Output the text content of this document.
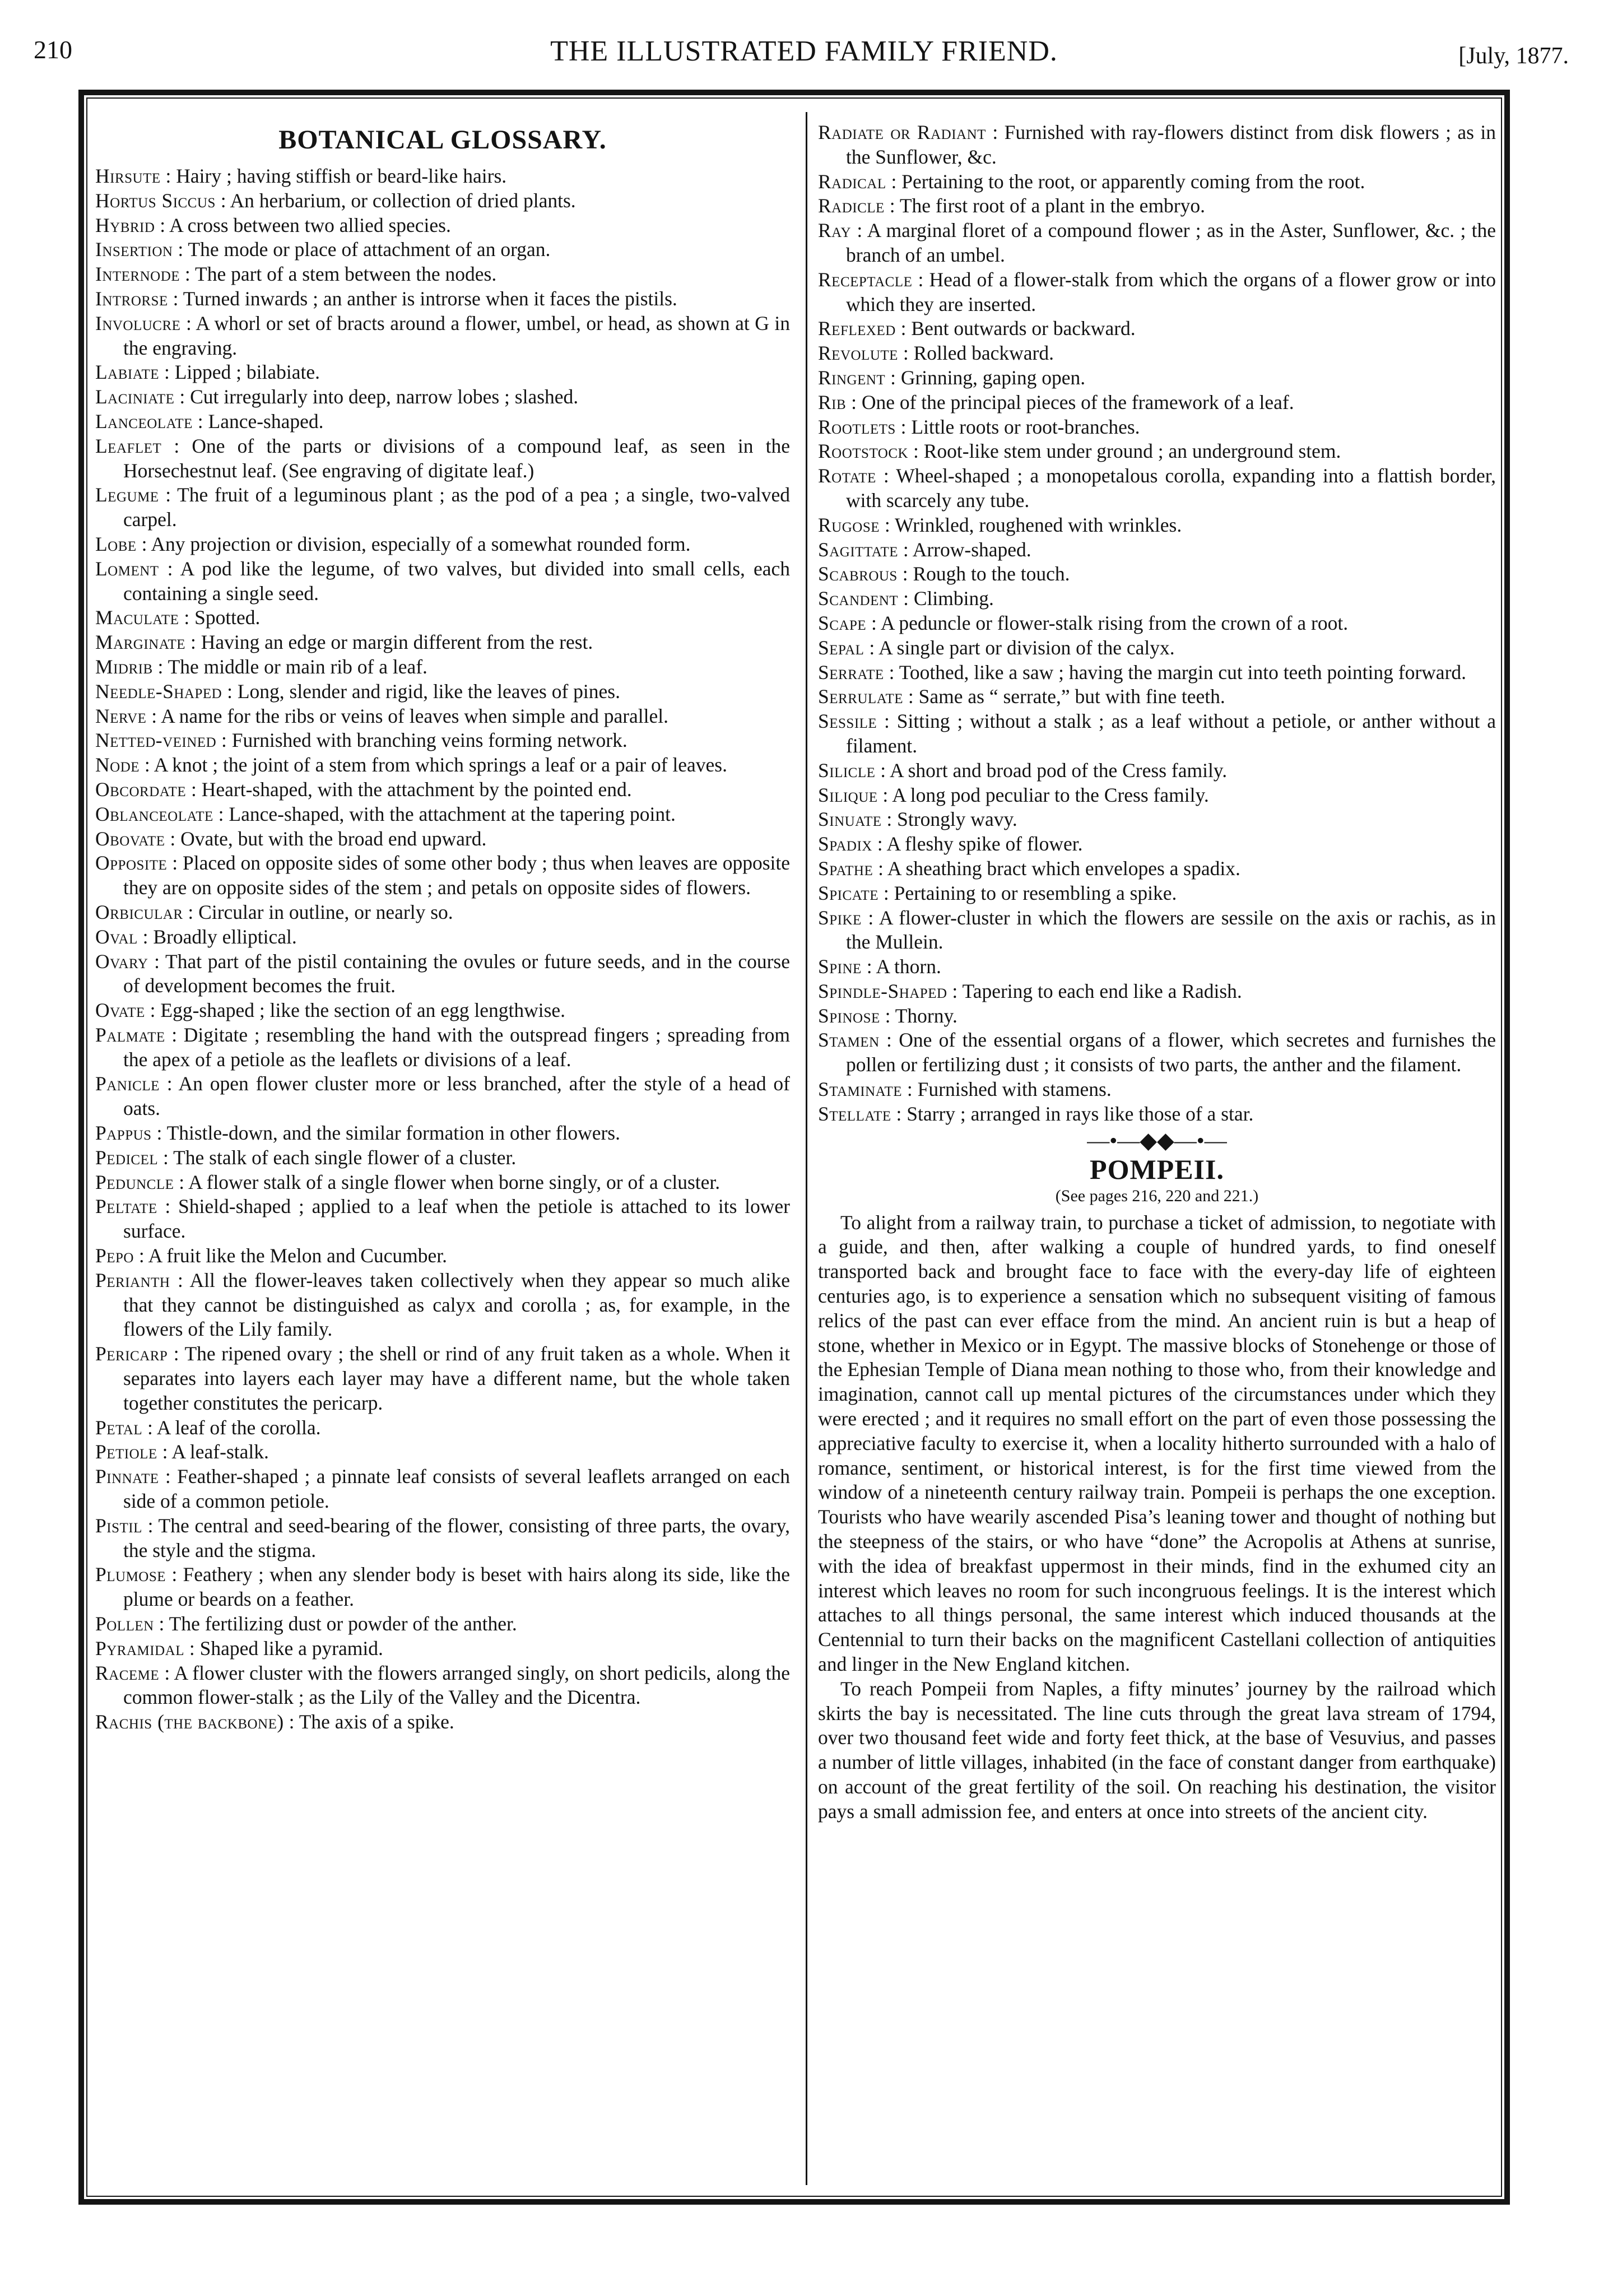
210	THE ILLUSTRATED FAMILY FRIEND.	[July, 1877.
BOTANICAL GLOSSARY.
Hirsute : Hairy ; having stiffish or beard-like hairs.
Hortus Siccus : An herbarium, or collection of dried plants.
Hybrid : A cross between two allied species.
Insertion : The mode or place of attachment of an organ.
Internode : The part of a stem between the nodes.
Introrse : Turned inwards ; an anther is introrse when it faces the pistils.
Involucre : A whorl or set of bracts around a flower, umbel, or head, as shown at G in the engraving.
Labiate : Lipped ; bilabiate.
Laciniate : Cut irregularly into deep, narrow lobes ; slashed.
Lanceolate : Lance-shaped.
Leaflet : One of the parts or divisions of a compound leaf, as seen in the Horsechestnut leaf. (See engraving of digitate leaf.)
Legume : The fruit of a leguminous plant ; as the pod of a pea ; a single, two-valved carpel.
Lobe : Any projection or division, especially of a somewhat rounded form.
Loment : A pod like the legume, of two valves, but divided into small cells, each containing a single seed.
Maculate : Spotted.
Marginate : Having an edge or margin different from the rest.
Midrib : The middle or main rib of a leaf.
Needle-Shaped : Long, slender and rigid, like the leaves of pines.
Nerve : A name for the ribs or veins of leaves when simple and parallel.
Netted-veined : Furnished with branching veins forming network.
Node : A knot ; the joint of a stem from which springs a leaf or a pair of leaves.
Obcordate : Heart-shaped, with the attachment by the pointed end.
Oblanceolate : Lance-shaped, with the attachment at the tapering point.
Obovate : Ovate, but with the broad end upward.
Opposite : Placed on opposite sides of some other body ; thus when leaves are opposite they are on opposite sides of the stem ; and petals on opposite sides of flowers.
Orbicular : Circular in outline, or nearly so.
Oval : Broadly elliptical.
Ovary : That part of the pistil containing the ovules or future seeds, and in the course of development becomes the fruit.
Ovate : Egg-shaped ; like the section of an egg lengthwise.
Palmate : Digitate ; resembling the hand with the outspread fingers ; spreading from the apex of a petiole as the leaflets or divisions of a leaf.
Panicle : An open flower cluster more or less branched, after the style of a head of oats.
Pappus : Thistle-down, and the similar formation in other flowers.
Pedicel : The stalk of each single flower of a cluster.
Peduncle : A flower stalk of a single flower when borne singly, or of a cluster.
Peltate : Shield-shaped ; applied to a leaf when the petiole is attached to its lower surface.
Pepo : A fruit like the Melon and Cucumber.
Perianth : All the flower-leaves taken collectively when they appear so much alike that they cannot be distinguished as calyx and corolla ; as, for example, in the flowers of the Lily family.
Pericarp : The ripened ovary ; the shell or rind of any fruit taken as a whole. When it separates into layers each layer may have a different name, but the whole taken together constitutes the pericarp.
Petal : A leaf of the corolla.
Petiole : A leaf-stalk.
Pinnate : Feather-shaped ; a pinnate leaf consists of several leaflets arranged on each side of a common petiole.
Pistil : The central and seed-bearing of the flower, consisting of three parts, the ovary, the style and the stigma.
Plumose : Feathery ; when any slender body is beset with hairs along its side, like the plume or beards on a feather.
Pollen : The fertilizing dust or powder of the anther.
Pyramidal : Shaped like a pyramid.
Raceme : A flower cluster with the flowers arranged singly, on short pedicils, along the common flower-stalk ; as the Lily of the Valley and the Dicentra.
Rachis (the backbone) : The axis of a spike.
Radiate or Radiant : Furnished with ray-flowers distinct from disk flowers ; as in the Sunflower, &c.
Radical : Pertaining to the root, or apparently coming from the root.
Radicle : The first root of a plant in the embryo.
Ray : A marginal floret of a compound flower ; as in the Aster, Sunflower, &c. ; the branch of an umbel.
Receptacle : Head of a flower-stalk from which the organs of a flower grow or into which they are inserted.
Reflexed : Bent outwards or backward.
Revolute : Rolled backward.
Ringent : Grinning, gaping open.
Rib : One of the principal pieces of the framework of a leaf.
Rootlets : Little roots or root-branches.
Rootstock : Root-like stem under ground ; an underground stem.
Rotate : Wheel-shaped ; a monopetalous corolla, expanding into a flattish border, with scarcely any tube.
Rugose : Wrinkled, roughened with wrinkles.
Sagittate : Arrow-shaped.
Scabrous : Rough to the touch.
Scandent : Climbing.
Scape : A peduncle or flower-stalk rising from the crown of a root.
Sepal : A single part or division of the calyx.
Serrate : Toothed, like a saw ; having the margin cut into teeth pointing forward.
Serrulate : Same as “ serrate,” but with fine teeth.
Sessile : Sitting ; without a stalk ; as a leaf without a petiole, or anther without a filament.
Silicle : A short and broad pod of the Cress family.
Silique : A long pod peculiar to the Cress family.
Sinuate : Strongly wavy.
Spadix : A fleshy spike of flower.
Spathe : A sheathing bract which envelopes a spadix.
Spicate : Pertaining to or resembling a spike.
Spike : A flower-cluster in which the flowers are sessile on the axis or rachis, as in the Mullein.
Spine : A thorn.
Spindle-Shaped : Tapering to each end like a Radish.
Spinose : Thorny.
Stamen : One of the essential organs of a flower, which secretes and furnishes the pollen or fertilizing dust ; it consists of two parts, the anther and the filament.
Staminate : Furnished with stamens.
Stellate : Starry ; arranged in rays like those of a star.
—•—◆◆—•—
POMPEII.
(See pages 216, 220 and 221.)
To alight from a railway train, to purchase a ticket of admission, to negotiate with a guide, and then, after walking a couple of hundred yards, to find oneself transported back and brought face to face with the every-day life of eighteen centuries ago, is to experience a sensation which no subsequent visiting of famous relics of the past can ever efface from the mind. An ancient ruin is but a heap of stone, whether in Mexico or in Egypt. The massive blocks of Stonehenge or those of the Ephesian Temple of Diana mean nothing to those who, from their knowledge and imagination, cannot call up mental pictures of the circumstances under which they were erected ; and it requires no small effort on the part of even those possessing the appreciative faculty to exercise it, when a locality hitherto surrounded with a halo of romance, sentiment, or historical interest, is for the first time viewed from the window of a nineteenth century railway train. Pompeii is perhaps the one exception. Tourists who have wearily ascended Pisa’s leaning tower and thought of nothing but the steepness of the stairs, or who have “done” the Acropolis at Athens at sunrise, with the idea of breakfast uppermost in their minds, find in the exhumed city an interest which leaves no room for such incongruous feelings. It is the interest which attaches to all things personal, the same interest which induced thousands at the Centennial to turn their backs on the magnificent Castellani collection of antiquities and linger in the New England kitchen.
To reach Pompeii from Naples, a fifty minutes’ journey by the railroad which skirts the bay is necessitated. The line cuts through the great lava stream of 1794, over two thousand feet wide and forty feet thick, at the base of Vesuvius, and passes a number of little villages, inhabited (in the face of constant danger from earthquake) on account of the great fertility of the soil. On reaching his destination, the visitor pays a small admission fee, and enters at once into streets of the ancient city.
